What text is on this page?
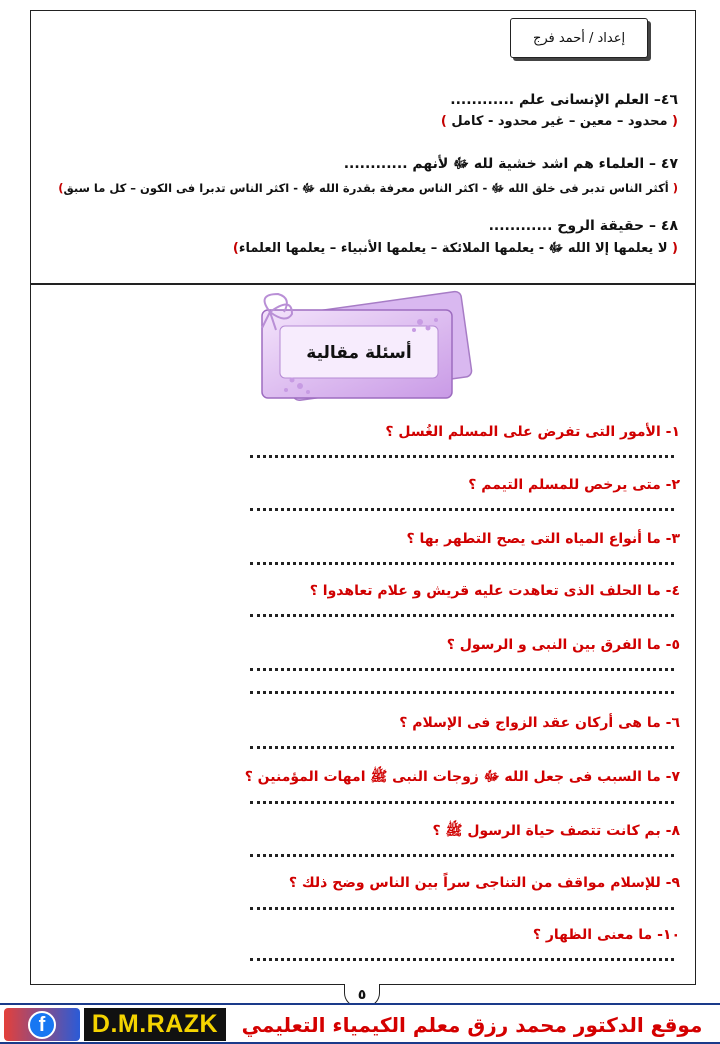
إعداد / أحمد فرج
٤٦– العلم الإنسانى علم ............
( محدود – معين – غير محدود - كامل )
٤٧ – العلماء هم اشد خشية لله ﷻ لأنهم ............
( أكثر الناس تدبر فى خلق الله ﷻ - اكثر الناس معرفة بقدرة الله ﷻ - اكثر الناس تدبرا فى الكون – كل ما سبق)
٤٨ – حقيقة الروح ............
( لا يعلمها إلا الله ﷻ - يعلمها الملائكة – يعلمها الأنبياء – يعلمها العلماء)
أسئلة مقالية
١- الأمور التى تفرض على المسلم الغُسل ؟
٢- متى يرخص للمسلم التيمم ؟
٣- ما أنواع المياه التى يصح التطهر بها ؟
٤- ما الحلف الذى تعاهدت عليه قريش و علام تعاهدوا ؟
٥- ما الفرق بين النبى و الرسول ؟
٦- ما هى أركان عقد الزواج فى الإسلام ؟
٧- ما السبب فى جعل الله ﷻ زوجات النبى ﷺ امهات المؤمنين ؟
٨- بم كانت تتصف حياة الرسول ﷺ ؟
٩- للإسلام مواقف من التناجى سراً بين الناس وضح ذلك ؟
١٠- ما معنى الظهار ؟
٥
f	D.M.RAZK	موقع الدكتور محمد رزق معلم الكيمياء التعليمي
